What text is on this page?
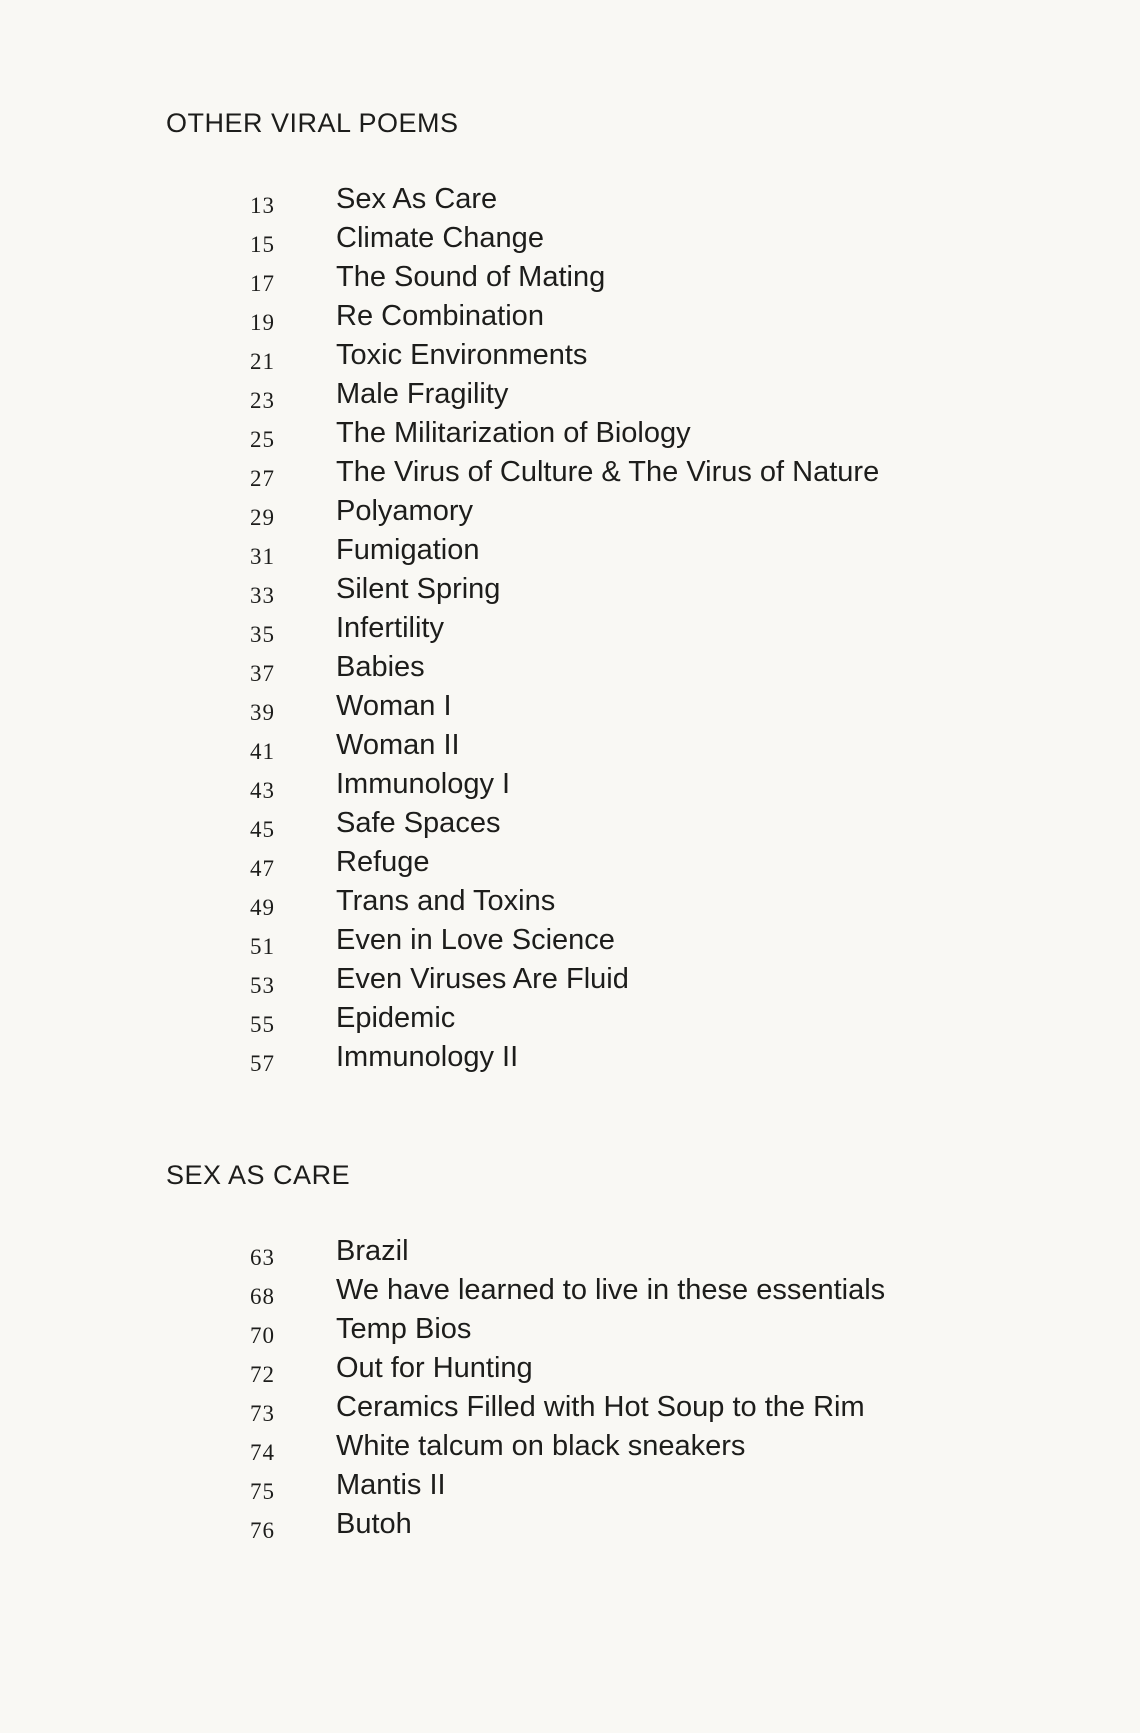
OTHER VIRAL POEMS
13 Sex As Care
15 Climate Change
17 The Sound of Mating
19 Re Combination
21 Toxic Environments
23 Male Fragility
25 The Militarization of Biology
27 The Virus of Culture & The Virus of Nature
29 Polyamory
31 Fumigation
33 Silent Spring
35 Infertility
37 Babies
39 Woman I
41 Woman II
43 Immunology I
45 Safe Spaces
47 Refuge
49 Trans and Toxins
51 Even in Love Science
53 Even Viruses Are Fluid
55 Epidemic
57 Immunology II
SEX AS CARE
63 Brazil
68 We have learned to live in these essentials
70 Temp Bios
72 Out for Hunting
73 Ceramics Filled with Hot Soup to the Rim
74 White talcum on black sneakers
75 Mantis II
76 Butoh
